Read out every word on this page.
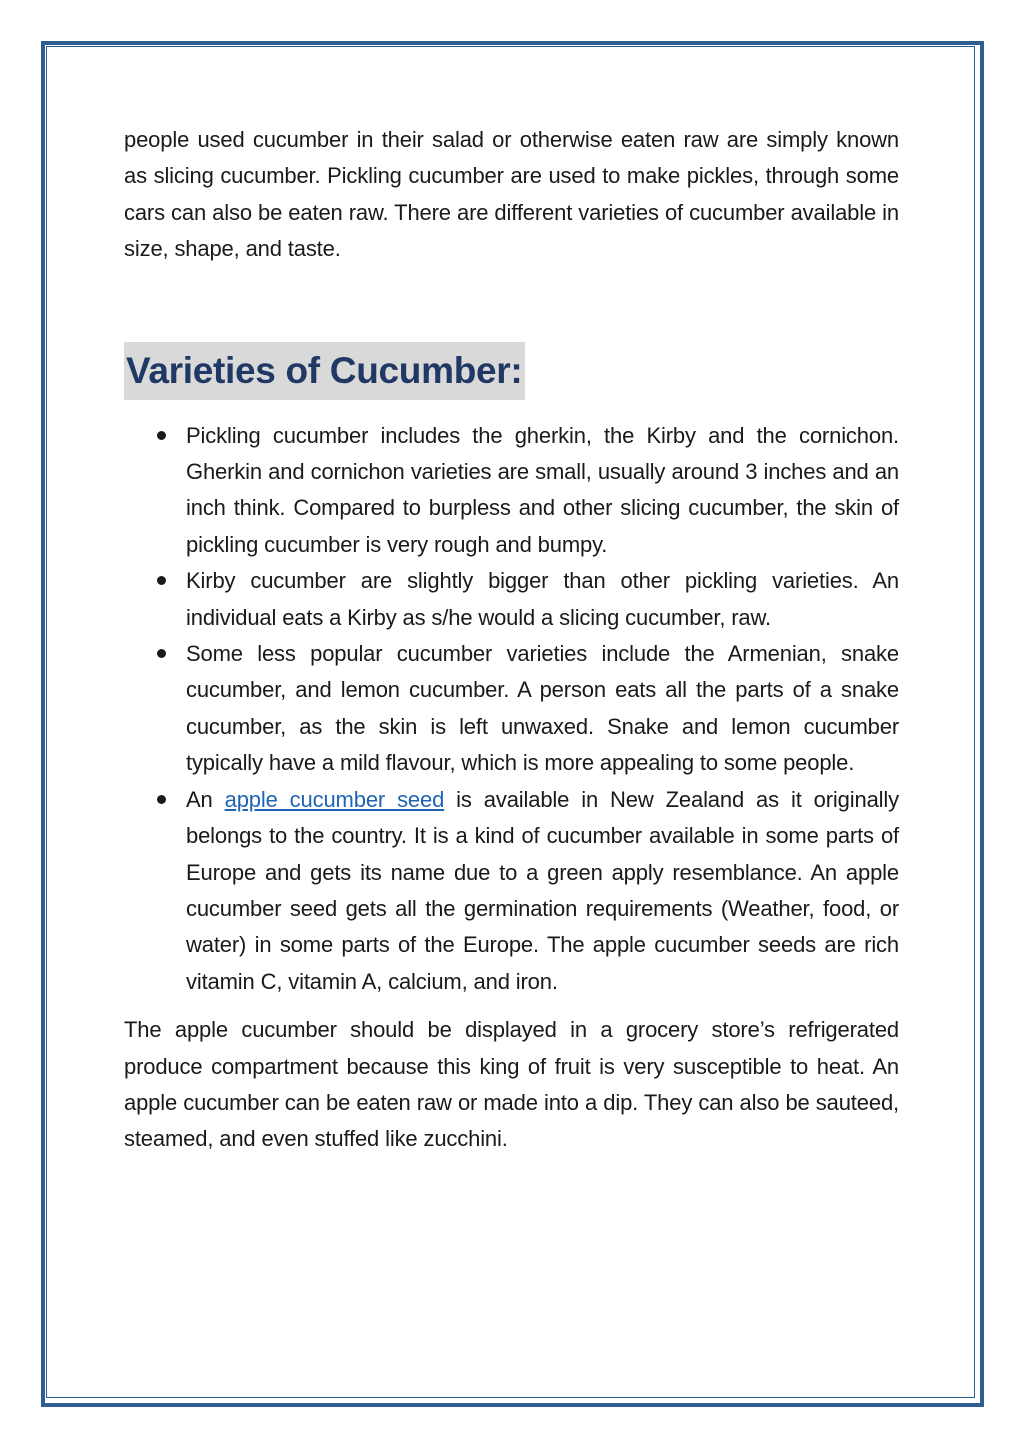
people used cucumber in their salad or otherwise eaten raw are simply known as slicing cucumber. Pickling cucumber are used to make pickles, through some cars can also be eaten raw. There are different varieties of cucumber available in size, shape, and taste.

Varieties of Cucumber:

Pickling cucumber includes the gherkin, the Kirby and the cornichon. Gherkin and cornichon varieties are small, usually around 3 inches and an inch think. Compared to burpless and other slicing cucumber, the skin of pickling cucumber is very rough and bumpy.

Kirby cucumber are slightly bigger than other pickling varieties. An individual eats a Kirby as s/he would a slicing cucumber, raw.

Some less popular cucumber varieties include the Armenian, snake cucumber, and lemon cucumber. A person eats all the parts of a snake cucumber, as the skin is left unwaxed. Snake and lemon cucumber typically have a mild flavour, which is more appealing to some people.

An apple cucumber seed is available in New Zealand as it originally belongs to the country. It is a kind of cucumber available in some parts of Europe and gets its name due to a green apply resemblance. An apple cucumber seed gets all the germination requirements (Weather, food, or water) in some parts of the Europe. The apple cucumber seeds are rich vitamin C, vitamin A, calcium, and iron.

The apple cucumber should be displayed in a grocery store’s refrigerated produce compartment because this king of fruit is very susceptible to heat. An apple cucumber can be eaten raw or made into a dip. They can also be sauteed, steamed, and even stuffed like zucchini.
